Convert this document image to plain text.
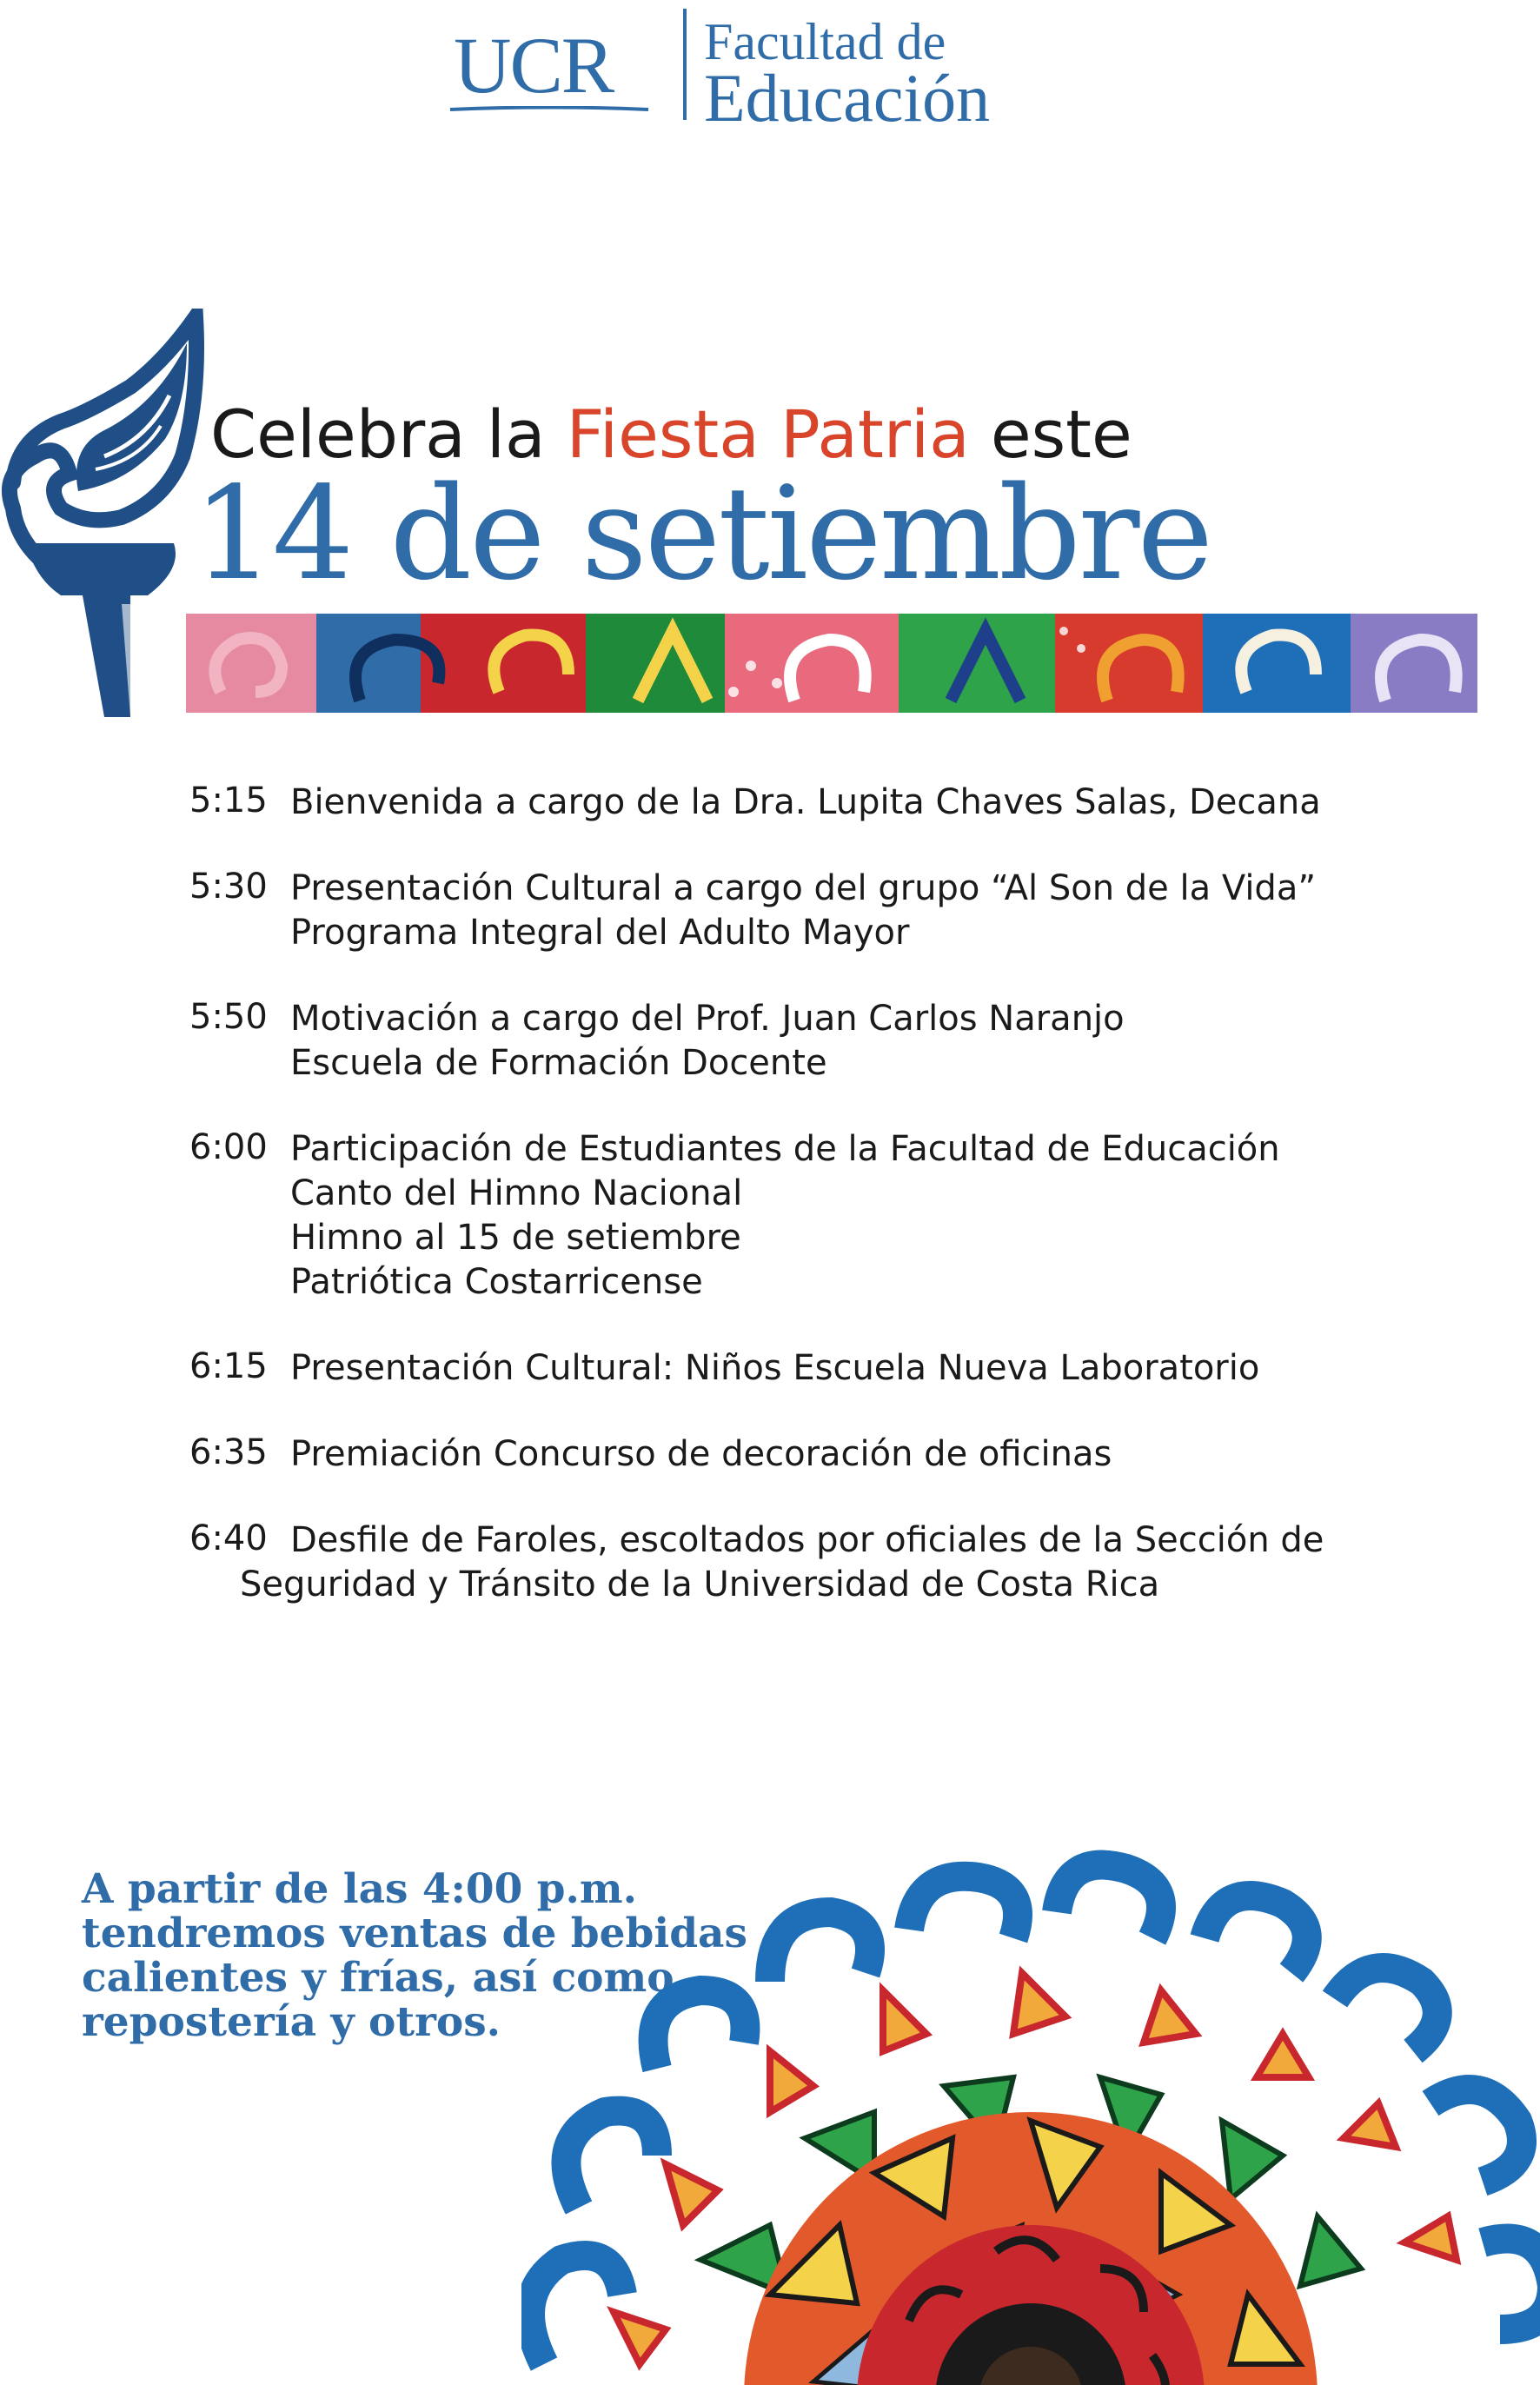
UCR Facultad de
Educación
Celebra la Fiesta Patria este
14 de setiembre
5:15 Bienvenida a cargo de la Dra. Lupita Chaves Salas, Decana
5:30 Presentación Cultural a cargo del grupo “Al Son de la Vida”
Programa Integral del Adulto Mayor
5:50 Motivación a cargo del Prof. Juan Carlos Naranjo
Escuela de Formación Docente
6:00 Participación de Estudiantes de la Facultad de Educación
Canto del Himno Nacional
Himno al 15 de setiembre
Patriótica Costarricense
6:15 Presentación Cultural: Niños Escuela Nueva Laboratorio
6:35 Premiación Concurso de decoración de oficinas
6:40 Desfile de Faroles, escoltados por oficiales de la Sección de
Seguridad y Tránsito de la Universidad de Costa Rica
A partir de las 4:00 p.m.
tendremos ventas de bebidas
calientes y frías, así como
repostería y otros.
Pratea
